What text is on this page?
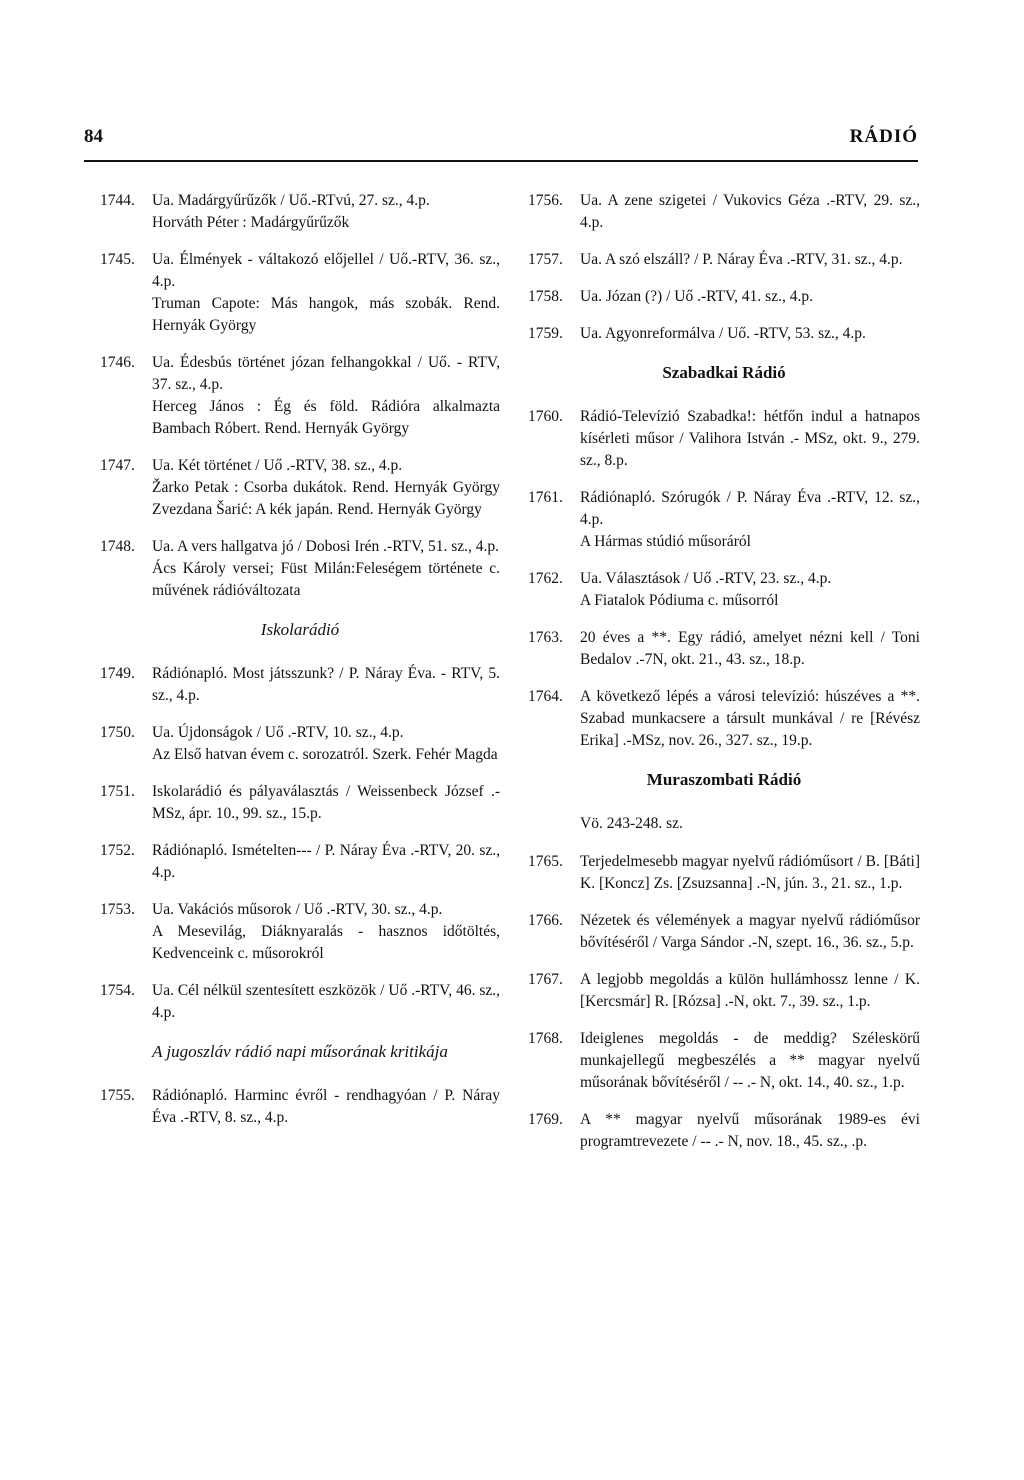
84	RÁDIÓ
1744.	Ua. Madárgyűrűzők / Uő.-RTvú, 27. sz., 4.p.
Horváth Péter : Madárgyűrűzők
1745.	Ua. Élmények - váltakozó előjellel / Uő.-RTV, 36. sz., 4.p.
Truman Capote: Más hangok, más szobák. Rend. Hernyák György
1746.	Ua. Édesbús történet józan felhangokkal / Uő. - RTV, 37. sz., 4.p.
Herceg János : Ég és föld. Rádióra alkalmazta Bambach Róbert. Rend. Hernyák György
1747.	Ua. Két történet / Uő .-RTV, 38. sz., 4.p.
Žarko Petak : Csorba dukátok. Rend. Hernyák György Zvezdana Šarić: A kék japán. Rend. Hernyák György
1748.	Ua. A vers hallgatva jó / Dobosi Irén .-RTV, 51. sz., 4.p.
Ács Károly versei; Füst Milán:Feleségem története c. művének rádióváltozata
Iskolarádió
1749.	Rádiónapló. Most játsszunk? / P. Náray Éva. - RTV, 5. sz., 4.p.
1750.	Ua. Újdonságok / Uő .-RTV, 10. sz., 4.p.
Az Első hatvan évem c. sorozatról. Szerk. Fehér Magda
1751.	Iskolarádió és pályaválasztás / Weissenbeck József .-MSz, ápr. 10., 99. sz., 15.p.
1752.	Rádiónapló. Ismételten--- / P. Náray Éva .-RTV, 20. sz., 4.p.
1753.	Ua. Vakációs műsorok / Uő .-RTV, 30. sz., 4.p.
A Mesevilág, Diáknyaralás - hasznos időtöltés, Kedvenceink c. műsorokról
1754.	Ua. Cél nélkül szentesített eszközök / Uő .-RTV, 46. sz., 4.p.
A jugoszláv rádió napi műsorának kritikája
1755.	Rádiónapló. Harminc évről - rendhagyóan / P. Náray Éva .-RTV, 8. sz., 4.p.
1756.	Ua. A zene szigetei / Vukovics Géza .-RTV, 29. sz., 4.p.
1757.	Ua. A szó elszáll? / P. Náray Éva .-RTV, 31. sz., 4.p.
1758.	Ua. Józan (?) / Uő .-RTV, 41. sz., 4.p.
1759.	Ua. Agyonreformálva / Uő. -RTV, 53. sz., 4.p.
Szabadkai Rádió
1760.	Rádió-Televízió Szabadka!: hétfőn indul a hatnapos kísérleti műsor / Valihora István .- MSz, okt. 9., 279. sz., 8.p.
1761.	Rádiónapló. Szórugók / P. Náray Éva .-RTV, 12. sz., 4.p.
A Hármas stúdió műsoráról
1762.	Ua. Választások / Uő .-RTV, 23. sz., 4.p.
A Fiatalok Pódiuma c. műsorról
1763.	20 éves a **. Egy rádió, amelyet nézni kell / Toni Bedalov .-7N, okt. 21., 43. sz., 18.p.
1764.	A következő lépés a városi televízió: húszéves a **. Szabad munkacsere a társult munkával / re [Révész Erika] .-MSz, nov. 26., 327. sz., 19.p.
Muraszombati Rádió
Vö. 243-248. sz.
1765.	Terjedelmesebb magyar nyelvű rádióműsort / B. [Báti] K. [Koncz] Zs. [Zsuzsanna] .-N, jún. 3., 21. sz., 1.p.
1766.	Nézetek és vélemények a magyar nyelvű rádióműsor bővítéséről / Varga Sándor .-N, szept. 16., 36. sz., 5.p.
1767.	A legjobb megoldás a külön hullámhossz lenne / K. [Kercsmár] R. [Rózsa] .-N, okt. 7., 39. sz., 1.p.
1768.	Ideiglenes megoldás - de meddig? Széleskörű munkajellegű megbeszélés a ** magyar nyelvű műsorának bővítéséről / -- .- N, okt. 14., 40. sz., 1.p.
1769.	A ** magyar nyelvű műsorának 1989-es évi programtrevezete / -- .- N, nov. 18., 45. sz., .p.
